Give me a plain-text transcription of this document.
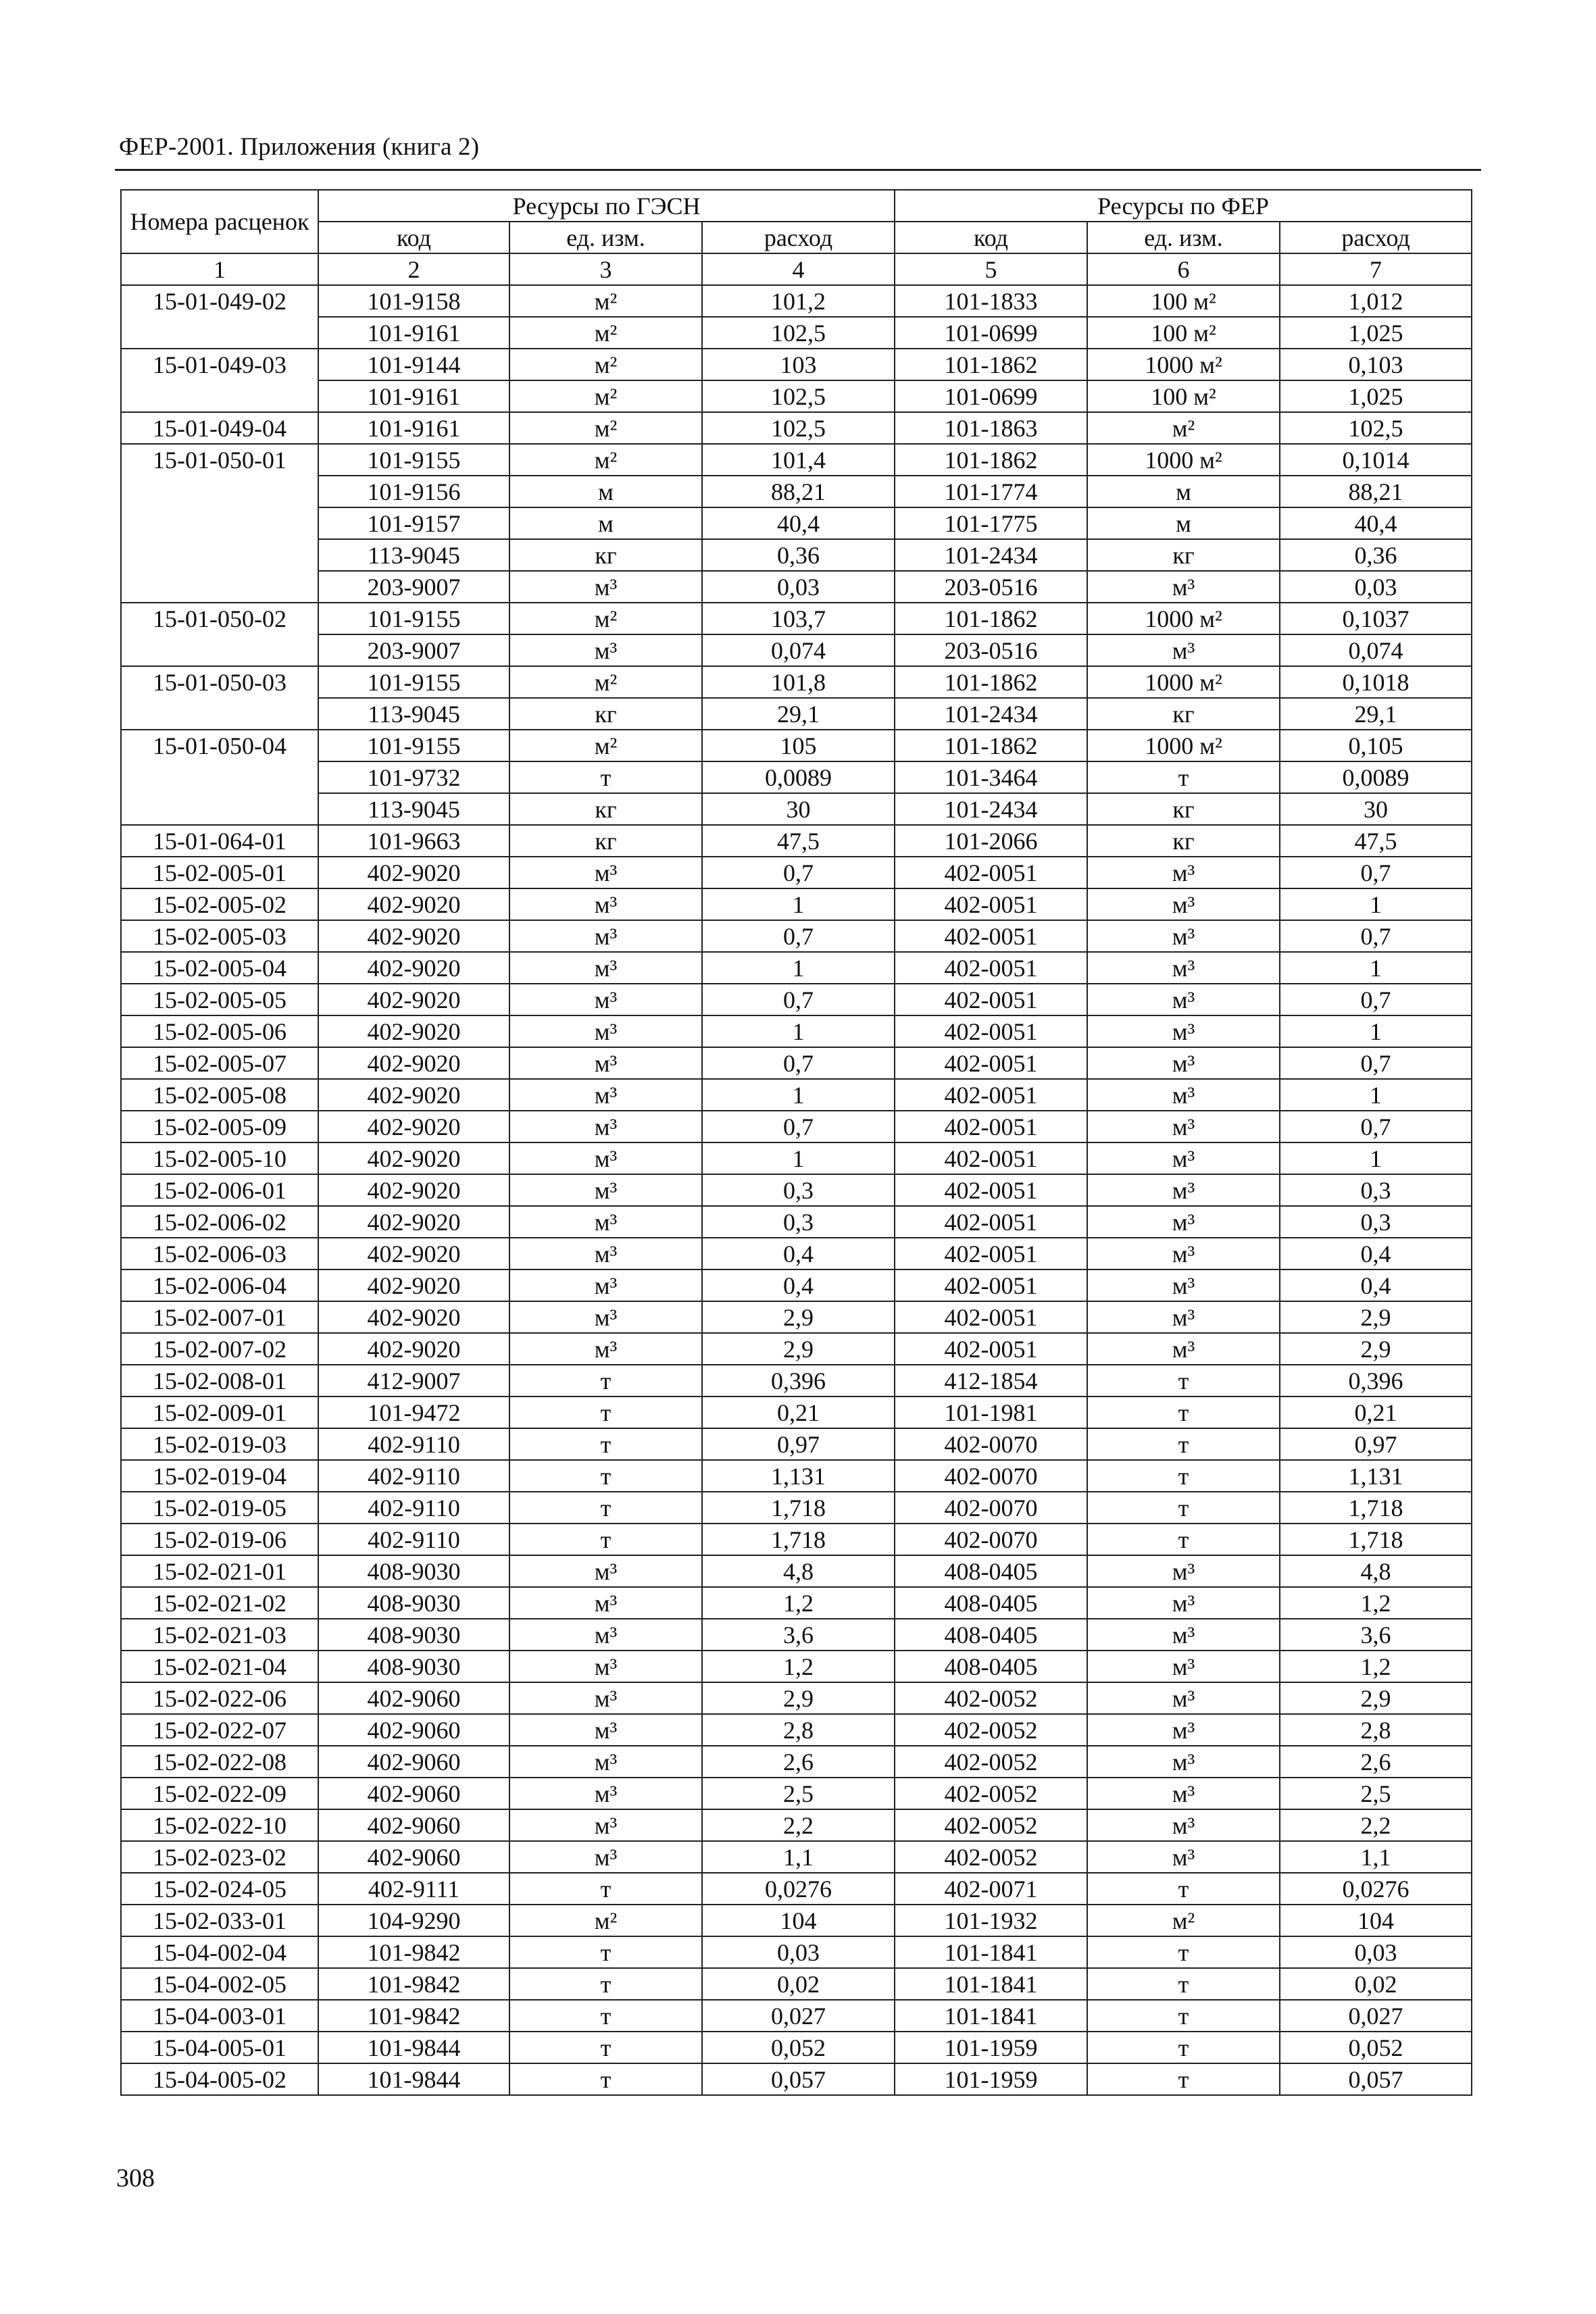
ФЕР-2001. Приложения (книга 2)
Номера расценок	Ресурсы по ГЭСН			Ресурсы по ФЕР		
	код	ед. изм.	расход	код	ед. изм.	расход
1	2	3	4	5	6	7
15-01-049-02	101-9158	м²	101,2	101-1833	100 м²	1,012
	101-9161	м²	102,5	101-0699	100 м²	1,025
15-01-049-03	101-9144	м²	103	101-1862	1000 м²	0,103
	101-9161	м²	102,5	101-0699	100 м²	1,025
15-01-049-04	101-9161	м²	102,5	101-1863	м²	102,5
15-01-050-01	101-9155	м²	101,4	101-1862	1000 м²	0,1014
	101-9156	м	88,21	101-1774	м	88,21
	101-9157	м	40,4	101-1775	м	40,4
	113-9045	кг	0,36	101-2434	кг	0,36
	203-9007	м³	0,03	203-0516	м³	0,03
15-01-050-02	101-9155	м²	103,7	101-1862	1000 м²	0,1037
	203-9007	м³	0,074	203-0516	м³	0,074
15-01-050-03	101-9155	м²	101,8	101-1862	1000 м²	0,1018
	113-9045	кг	29,1	101-2434	кг	29,1
15-01-050-04	101-9155	м²	105	101-1862	1000 м²	0,105
	101-9732	т	0,0089	101-3464	т	0,0089
	113-9045	кг	30	101-2434	кг	30
15-01-064-01	101-9663	кг	47,5	101-2066	кг	47,5
15-02-005-01	402-9020	м³	0,7	402-0051	м³	0,7
15-02-005-02	402-9020	м³	1	402-0051	м³	1
15-02-005-03	402-9020	м³	0,7	402-0051	м³	0,7
15-02-005-04	402-9020	м³	1	402-0051	м³	1
15-02-005-05	402-9020	м³	0,7	402-0051	м³	0,7
15-02-005-06	402-9020	м³	1	402-0051	м³	1
15-02-005-07	402-9020	м³	0,7	402-0051	м³	0,7
15-02-005-08	402-9020	м³	1	402-0051	м³	1
15-02-005-09	402-9020	м³	0,7	402-0051	м³	0,7
15-02-005-10	402-9020	м³	1	402-0051	м³	1
15-02-006-01	402-9020	м³	0,3	402-0051	м³	0,3
15-02-006-02	402-9020	м³	0,3	402-0051	м³	0,3
15-02-006-03	402-9020	м³	0,4	402-0051	м³	0,4
15-02-006-04	402-9020	м³	0,4	402-0051	м³	0,4
15-02-007-01	402-9020	м³	2,9	402-0051	м³	2,9
15-02-007-02	402-9020	м³	2,9	402-0051	м³	2,9
15-02-008-01	412-9007	т	0,396	412-1854	т	0,396
15-02-009-01	101-9472	т	0,21	101-1981	т	0,21
15-02-019-03	402-9110	т	0,97	402-0070	т	0,97
15-02-019-04	402-9110	т	1,131	402-0070	т	1,131
15-02-019-05	402-9110	т	1,718	402-0070	т	1,718
15-02-019-06	402-9110	т	1,718	402-0070	т	1,718
15-02-021-01	408-9030	м³	4,8	408-0405	м³	4,8
15-02-021-02	408-9030	м³	1,2	408-0405	м³	1,2
15-02-021-03	408-9030	м³	3,6	408-0405	м³	3,6
15-02-021-04	408-9030	м³	1,2	408-0405	м³	1,2
15-02-022-06	402-9060	м³	2,9	402-0052	м³	2,9
15-02-022-07	402-9060	м³	2,8	402-0052	м³	2,8
15-02-022-08	402-9060	м³	2,6	402-0052	м³	2,6
15-02-022-09	402-9060	м³	2,5	402-0052	м³	2,5
15-02-022-10	402-9060	м³	2,2	402-0052	м³	2,2
15-02-023-02	402-9060	м³	1,1	402-0052	м³	1,1
15-02-024-05	402-9111	т	0,0276	402-0071	т	0,0276
15-02-033-01	104-9290	м²	104	101-1932	м²	104
15-04-002-04	101-9842	т	0,03	101-1841	т	0,03
15-04-002-05	101-9842	т	0,02	101-1841	т	0,02
15-04-003-01	101-9842	т	0,027	101-1841	т	0,027
15-04-005-01	101-9844	т	0,052	101-1959	т	0,052
15-04-005-02	101-9844	т	0,057	101-1959	т	0,057
308
